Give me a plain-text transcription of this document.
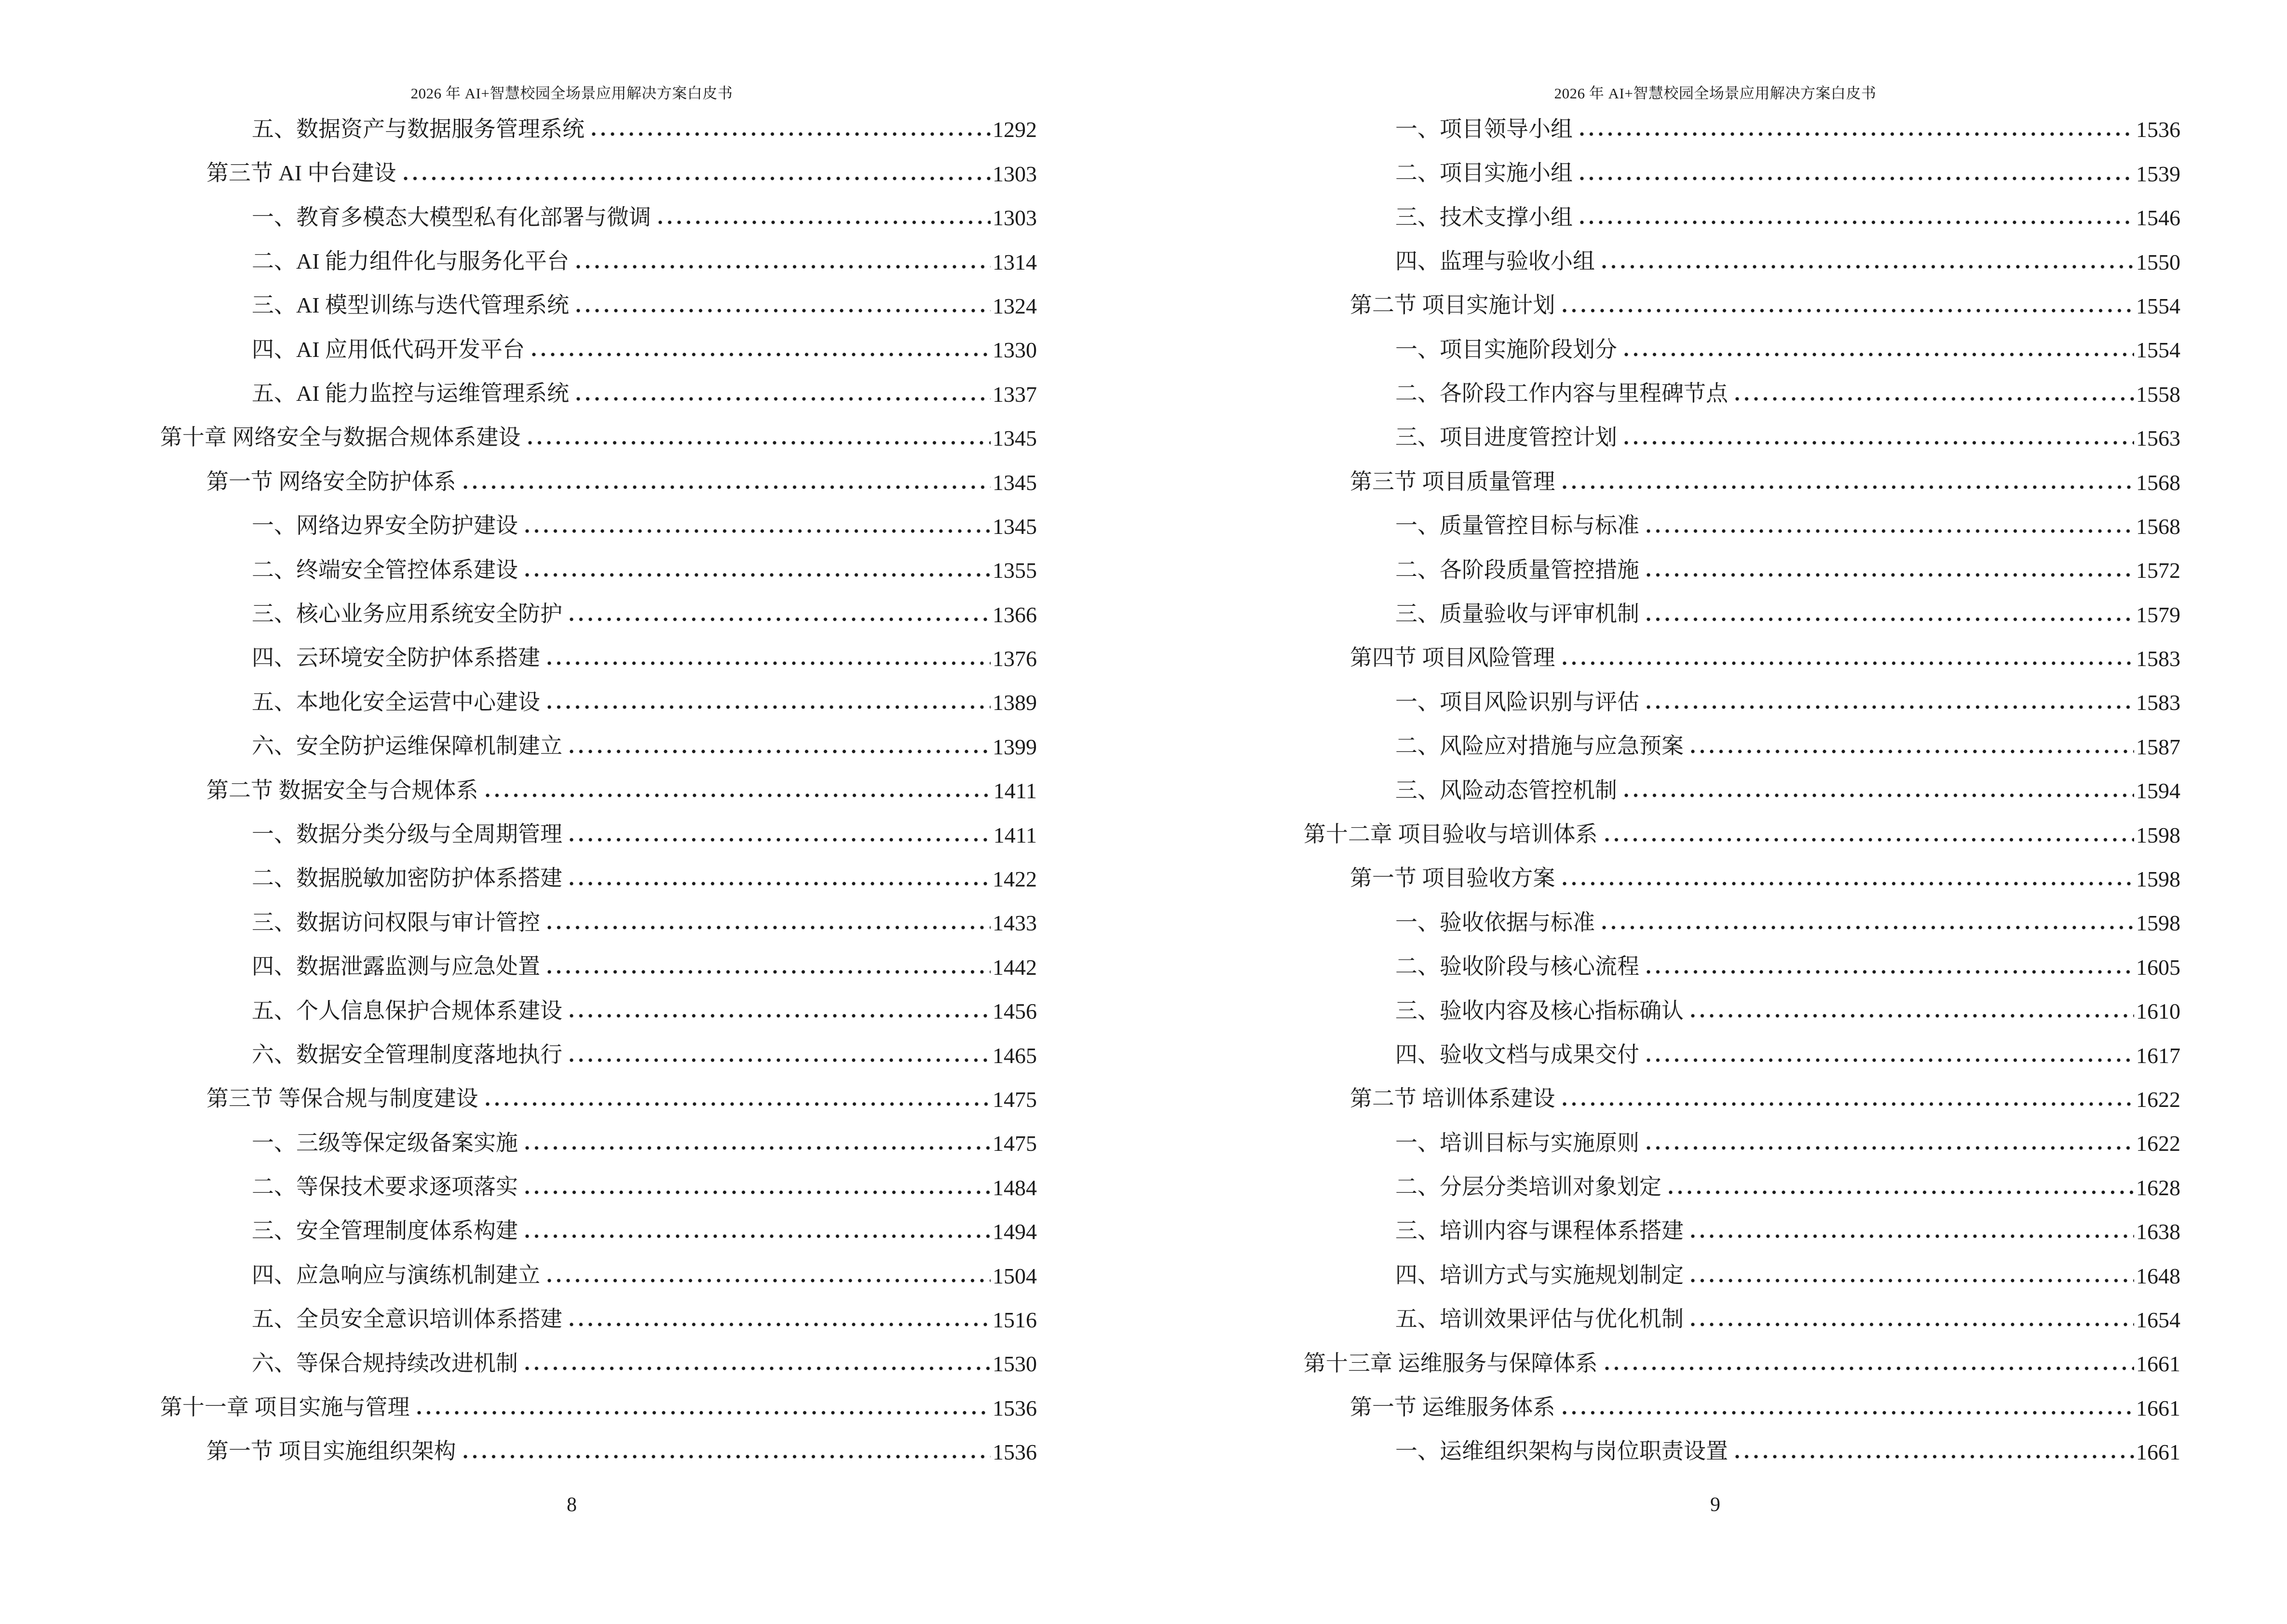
2026 年 AI+智慧校园全场景应用解决方案白皮书
五、数据资产与数据服务管理系统	1292
第三节 AI 中台建设	1303
一、教育多模态大模型私有化部署与微调	1303
二、AI 能力组件化与服务化平台	1314
三、AI 模型训练与迭代管理系统	1324
四、AI 应用低代码开发平台	1330
五、AI 能力监控与运维管理系统	1337
第十章 网络安全与数据合规体系建设	1345
第一节 网络安全防护体系	1345
一、网络边界安全防护建设	1345
二、终端安全管控体系建设	1355
三、核心业务应用系统安全防护	1366
四、云环境安全防护体系搭建	1376
五、本地化安全运营中心建设	1389
六、安全防护运维保障机制建立	1399
第二节 数据安全与合规体系	1411
一、数据分类分级与全周期管理	1411
二、数据脱敏加密防护体系搭建	1422
三、数据访问权限与审计管控	1433
四、数据泄露监测与应急处置	1442
五、个人信息保护合规体系建设	1456
六、数据安全管理制度落地执行	1465
第三节 等保合规与制度建设	1475
一、三级等保定级备案实施	1475
二、等保技术要求逐项落实	1484
三、安全管理制度体系构建	1494
四、应急响应与演练机制建立	1504
五、全员安全意识培训体系搭建	1516
六、等保合规持续改进机制	1530
第十一章 项目实施与管理	1536
第一节 项目实施组织架构	1536
8
2026 年 AI+智慧校园全场景应用解决方案白皮书
一、项目领导小组	1536
二、项目实施小组	1539
三、技术支撑小组	1546
四、监理与验收小组	1550
第二节 项目实施计划	1554
一、项目实施阶段划分	1554
二、各阶段工作内容与里程碑节点	1558
三、项目进度管控计划	1563
第三节 项目质量管理	1568
一、质量管控目标与标准	1568
二、各阶段质量管控措施	1572
三、质量验收与评审机制	1579
第四节 项目风险管理	1583
一、项目风险识别与评估	1583
二、风险应对措施与应急预案	1587
三、风险动态管控机制	1594
第十二章 项目验收与培训体系	1598
第一节 项目验收方案	1598
一、验收依据与标准	1598
二、验收阶段与核心流程	1605
三、验收内容及核心指标确认	1610
四、验收文档与成果交付	1617
第二节 培训体系建设	1622
一、培训目标与实施原则	1622
二、分层分类培训对象划定	1628
三、培训内容与课程体系搭建	1638
四、培训方式与实施规划制定	1648
五、培训效果评估与优化机制	1654
第十三章 运维服务与保障体系	1661
第一节 运维服务体系	1661
一、运维组织架构与岗位职责设置	1661
9
